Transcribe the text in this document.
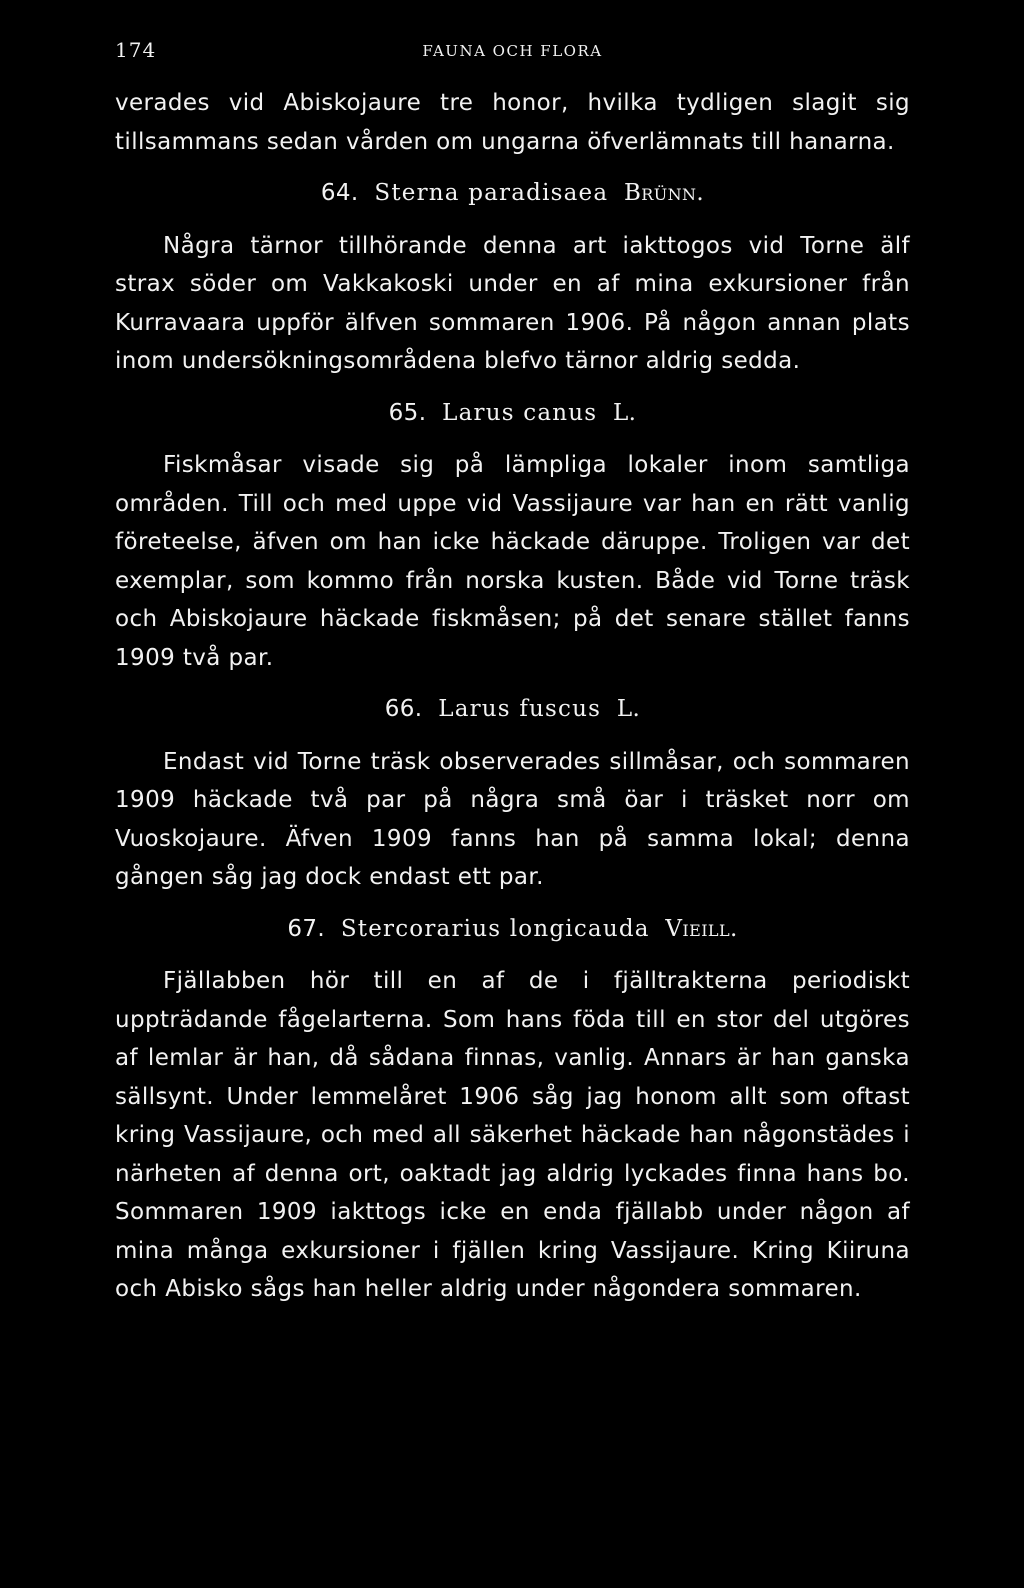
174	FAUNA OCH FLORA

verades vid Abiskojaure tre honor, hvilka tydligen slagit sig tillsammans sedan vården om ungarna öfverlämnats till hanarna.

64. Sterna paradisaea Brünn.

Några tärnor tillhörande denna art iakttogos vid Torne älf strax söder om Vakkakoski under en af mina exkursioner från Kurravaara uppför älfven sommaren 1906. På någon annan plats inom undersökningsområdena blefvo tärnor aldrig sedda.

65. Larus canus L.

Fiskmåsar visade sig på lämpliga lokaler inom samtliga områden. Till och med uppe vid Vassijaure var han en rätt vanlig företeelse, äfven om han icke häckade däruppe. Troligen var det exemplar, som kommo från norska kusten. Både vid Torne träsk och Abiskojaure häckade fiskmåsen; på det senare stället fanns 1909 två par.

66. Larus fuscus L.

Endast vid Torne träsk observerades sillmåsar, och sommaren 1909 häckade två par på några små öar i träsket norr om Vuoskojaure. Äfven 1909 fanns han på samma lokal; denna gången såg jag dock endast ett par.

67. Stercorarius longicauda Vieill.

Fjällabben hör till en af de i fjälltrakterna periodiskt uppträdande fågelarterna. Som hans föda till en stor del utgöres af lemlar är han, då sådana finnas, vanlig. Annars är han ganska sällsynt. Under lemmelåret 1906 såg jag honom allt som oftast kring Vassijaure, och med all säkerhet häckade han någonstädes i närheten af denna ort, oaktadt jag aldrig lyckades finna hans bo. Sommaren 1909 iakttogs icke en enda fjällabb under någon af mina många exkursioner i fjällen kring Vassijaure. Kring Kiiruna och Abisko sågs han heller aldrig under någondera sommaren.
